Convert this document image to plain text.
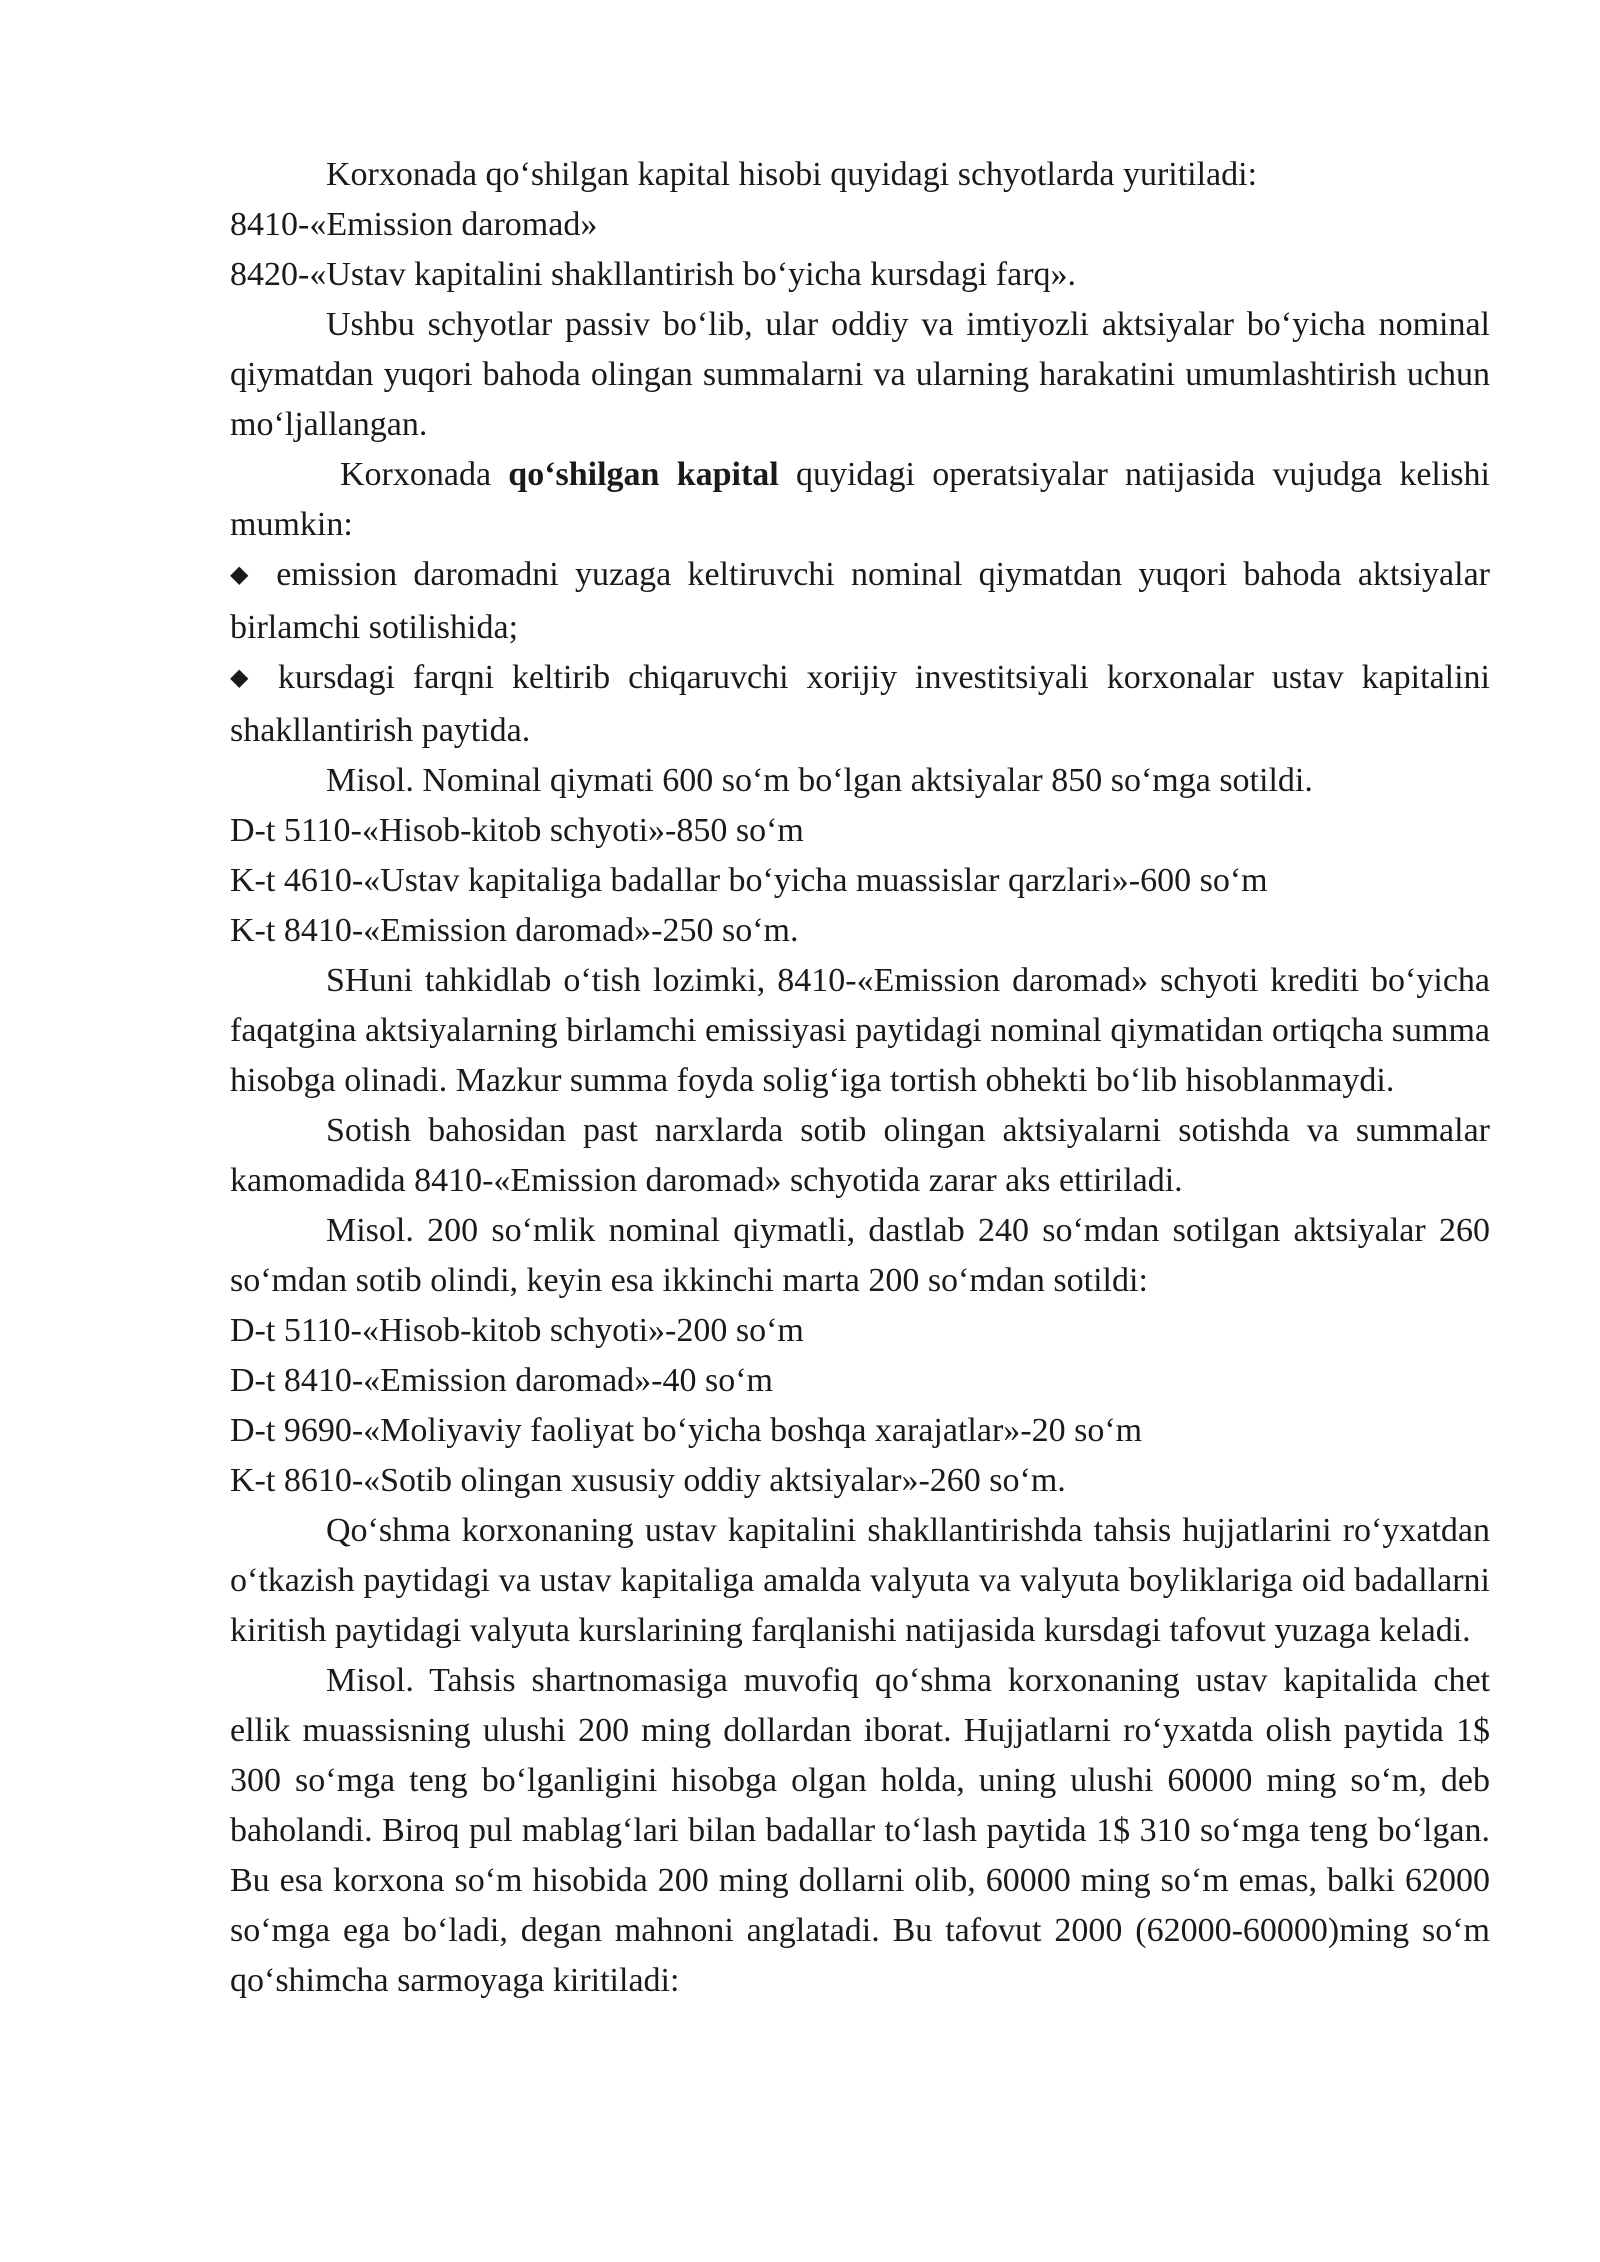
Korxonada qo‘shilgan kapital hisobi quyidagi schyotlarda yuritiladi:

8410-«Emission daromad»

8420-«Ustav kapitalini shakllantirish bo‘yicha kursdagi farq».

Ushbu schyotlar passiv bo‘lib, ular oddiy va imtiyozli aktsiyalar bo‘yicha nominal qiymatdan yuqori bahoda olingan summalarni va ularning harakatini umumlashtirish uchun mo‘ljallangan.

Korxonada qo‘shilgan kapital quyidagi operatsiyalar natijasida vujudga kelishi mumkin:

◆ emission daromadni yuzaga keltiruvchi nominal qiymatdan yuqori bahoda aktsiyalar birlamchi sotilishida;

◆ kursdagi farqni keltirib chiqaruvchi xorijiy investitsiyali korxonalar ustav kapitalini shakllantirish paytida.

Misol. Nominal qiymati 600 so‘m bo‘lgan aktsiyalar 850 so‘mga sotildi.

D-t 5110-«Hisob-kitob schyoti»-850 so‘m

K-t 4610-«Ustav kapitaliga badallar bo‘yicha muassislar qarzlari»-600 so‘m

K-t 8410-«Emission daromad»-250 so‘m.

SHuni tahkidlab o‘tish lozimki, 8410-«Emission daromad» schyoti krediti bo‘yicha faqatgina aktsiyalarning birlamchi emissiyasi paytidagi nominal qiymatidan ortiqcha summa hisobga olinadi. Mazkur summa foyda solig‘iga tortish obhekti bo‘lib hisoblanmaydi.

Sotish bahosidan past narxlarda sotib olingan aktsiyalarni sotishda va summalar kamomadida 8410-«Emission daromad» schyotida zarar aks ettiriladi.

Misol. 200 so‘mlik nominal qiymatli, dastlab 240 so‘mdan sotilgan aktsiyalar 260 so‘mdan sotib olindi, keyin esa ikkinchi marta 200 so‘mdan sotildi:

D-t 5110-«Hisob-kitob schyoti»-200 so‘m

D-t 8410-«Emission daromad»-40 so‘m

D-t 9690-«Moliyaviy faoliyat bo‘yicha boshqa xarajatlar»-20 so‘m

K-t 8610-«Sotib olingan xususiy oddiy aktsiyalar»-260 so‘m.

Qo‘shma korxonaning ustav kapitalini shakllantirishda tahsis hujjatlarini ro‘yxatdan o‘tkazish paytidagi va ustav kapitaliga amalda valyuta va valyuta boyliklariga oid badallarni kiritish paytidagi valyuta kurslarining farqlanishi natijasida kursdagi tafovut yuzaga keladi.

Misol. Tahsis shartnomasiga muvofiq qo‘shma korxonaning ustav kapitalida chet ellik muassisning ulushi 200 ming dollardan iborat. Hujjatlarni ro‘yxatda olish paytida 1$ 300 so‘mga teng bo‘lganligini hisobga olgan holda, uning ulushi 60000 ming so‘m, deb baholandi. Biroq pul mablag‘lari bilan badallar to‘lash paytida 1$ 310 so‘mga teng bo‘lgan. Bu esa korxona so‘m hisobida 200 ming dollarni olib, 60000 ming so‘m emas, balki 62000 so‘mga ega bo‘ladi, degan mahnoni anglatadi. Bu tafovut 2000 (62000-60000)ming so‘m qo‘shimcha sarmoyaga kiritiladi:
